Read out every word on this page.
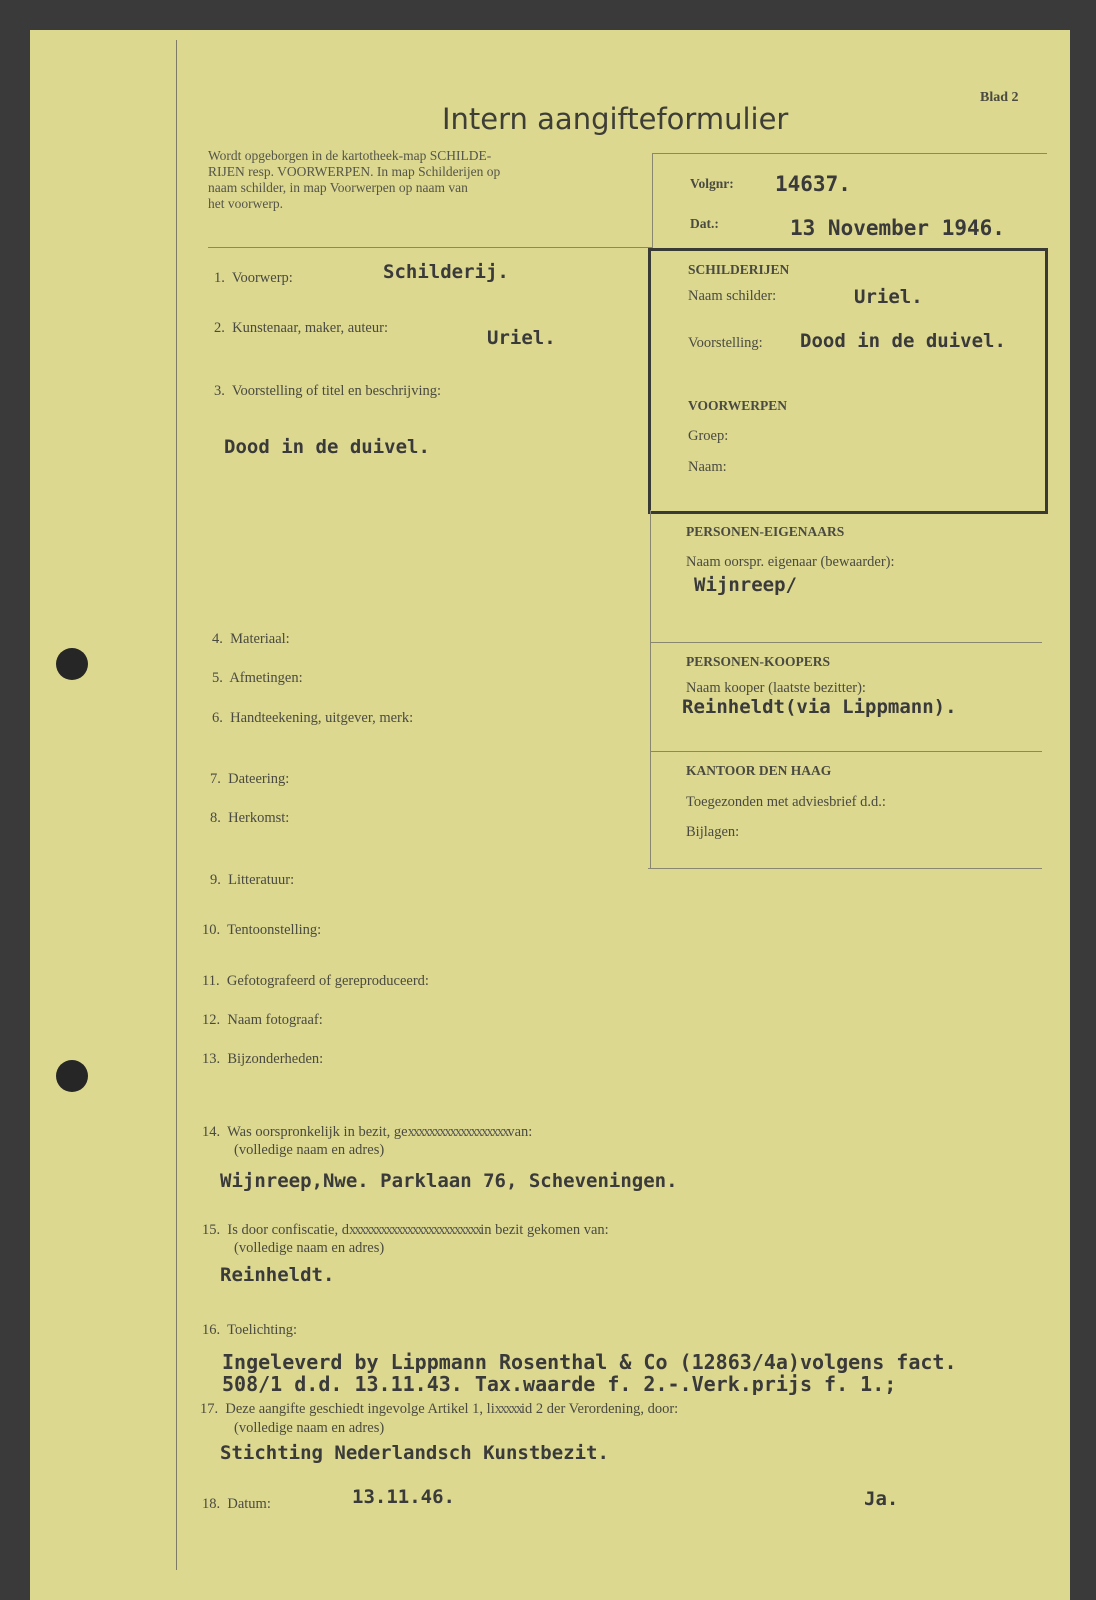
Blad 2
Intern aangifteformulier
Wordt opgeborgen in de kartotheek-map SCHILDE-
RIJEN resp. VOORWERPEN. In map Schilderijen op
naam schilder, in map Voorwerpen op naam van
het voorwerp.
Volgnr: 14637.
Dat.:	13 November 1946.
SCHILDERIJEN
Naam schilder:	Uriel.
Voorstelling: Dood in de duivel.
VOORWERPEN
Groep:
Naam:
PERSONEN-EIGENAARS
Naam oorspr. eigenaar (bewaarder):
Wijnreep/
PERSONEN-KOOPERS
Naam kooper (laatste bezitter):
Reinheldt(via Lippmann).
KANTOOR DEN HAAG
Toegezonden met adviesbrief d.d.:
Bijlagen:
1. Voorwerp:	Schilderij.
2. Kunstenaar, maker, auteur:	Uriel.
3. Voorstelling of titel en beschrijving:
Dood in de duivel.
4. Materiaal:
5. Afmetingen:
6. Handteekening, uitgever, merk:
7. Dateering:
8. Herkomst:
9. Litteratuur:
10. Tentoonstelling:
11. Gefotografeerd of gereproduceerd:
12. Naam fotograaf:
13. Bijzonderheden:
14. Was oorspronkelijk in bezit, gexxxxxxxxxxxxxxxxxxxvan:
(volledige naam en adres)
Wijnreep,Nwe. Parklaan 76, Scheveningen.
15. Is door confiscatie, dxxxxxxxxxxxxxxxxxxxxxxxxxin bezit gekomen van:
(volledige naam en adres)
Reinheldt.
16. Toelichting:
Ingeleverd by Lippmann Rosenthal & Co (12863/4a)volgens fact.
508/1 d.d. 13.11.43. Tax.waarde f. 2.-.Verk.prijs f. 1.;
17. Deze aangifte geschiedt ingevolge Artikel 1, lixxxxxid 2 der Verordening, door:
(volledige naam en adres)
Stichting Nederlandsch Kunstbezit.
18. Datum:	13.11.46.	Ja.
